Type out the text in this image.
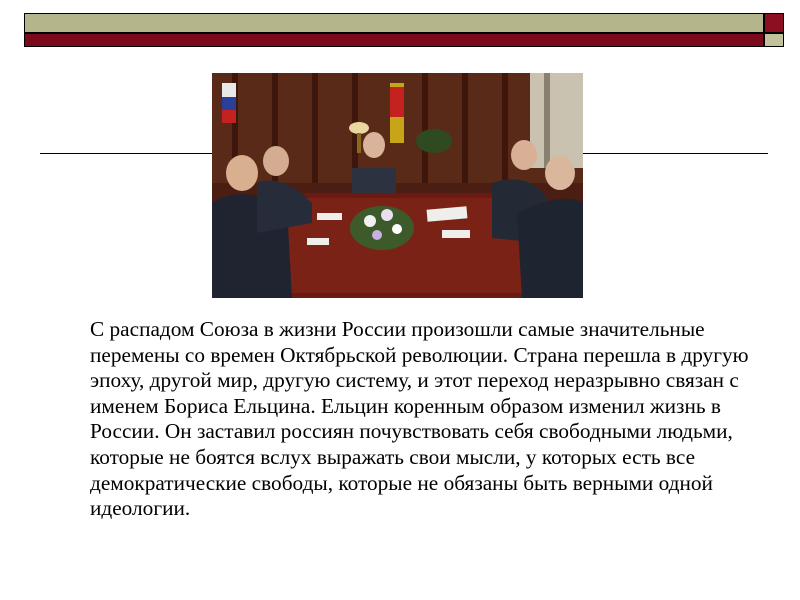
С распадом Союза в жизни России произошли самые значительные перемены со времен Октябрьской революции. Страна перешла в другую эпоху, другой мир, другую систему, и этот переход неразрывно связан с именем Бориса Ельцина. Ельцин коренным образом изменил жизнь в России. Он заставил россиян почувствовать себя свободными людьми, которые не боятся вслух выражать свои мысли, у которых есть все демократические свободы, которые не обязаны быть верными одной идеологии.
